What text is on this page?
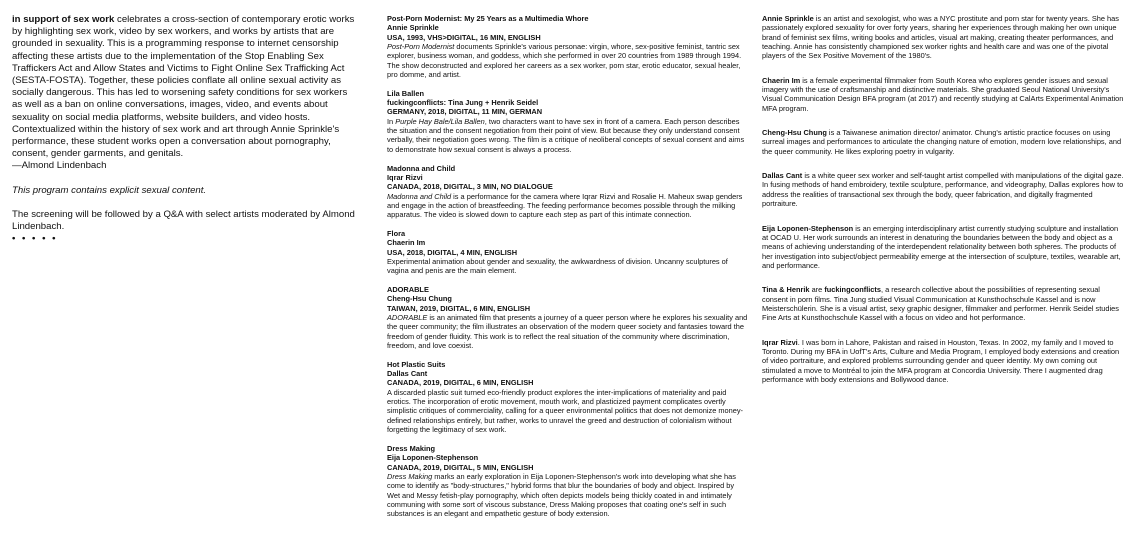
in support of sex work celebrates a cross-section of contemporary erotic works by highlighting sex work, video by sex workers, and works by artists that are grounded in sexuality. This is a programming response to internet censorship affecting these artists due to the implementation of the Stop Enabling Sex Traffickers Act and Allow States and Victims to Fight Online Sex Trafficking Act (SESTA-FOSTA). Together, these policies conflate all online sexual activity as socially dangerous. This has led to worsening safety conditions for sex workers as well as a ban on online conversations, images, video, and events about sexuality on social media platforms, website builders, and video hosts. Contextualized within the history of sex work and art through Annie Sprinkle's performance, these student works open a conversation about pornography, consent, gender garments, and genitals.

—Almond Lindenbach

This program contains explicit sexual content.

The screening will be followed by a Q&A with select artists moderated by Almond Lindenbach.

• • • • •

Post-Porn Modernist: My 25 Years as a Multimedia Whore
Annie Sprinkle
USA, 1993, VHS>DIGITAL, 16 MIN, ENGLISH
Post-Porn Modernist documents Sprinkle's various personae: virgin, whore, sex-positive feminist, tantric sex explorer, business woman, and goddess, which she performed in over 20 countries from 1989 through 1994. The show deconstructed and explored her careers as a sex worker, porn star, erotic educator, sexual healer, pro domme, and artist.
Lila Ballen
fuckingconflicts: Tina Jung + Henrik Seidel
GERMANY, 2018, DIGITAL, 11 MIN, GERMAN
In Purple Hay Bale/Lila Ballen, two characters want to have sex in front of a camera. Each person describes the situation and the consent negotiation from their point of view. But because they only understand consent verbally, their negotiation goes wrong. The film is a critique of neoliberal concepts of sexual consent and aims to demonstrate how sexual consent is always a process.
Madonna and Child
Iqrar Rizvi
CANADA, 2018, DIGITAL, 3 MIN, NO DIALOGUE
Madonna and Child is a performance for the camera where Iqrar Rizvi and Rosalie H. Maheux swap genders and engage in the action of breastfeeding. The feeding performance becomes possible through the milking apparatus. The video is slowed down to capture each step as part of this intimate connection.
Flora
Chaerin Im
USA, 2018, DIGITAL, 4 MIN, ENGLISH
Experimental animation about gender and sexuality, the awkwardness of division. Uncanny sculptures of vagina and penis are the main element.
ADORABLE
Cheng-Hsu Chung
TAIWAN, 2019, DIGITAL, 6 MIN, ENGLISH
ADORABLE is an animated film that presents a journey of a queer person where he explores his sexuality and the queer community; the film illustrates an observation of the modern queer society and fantasies toward the freedom of gender fluidity. This work is to reflect the real situation of the community where discrimination, freedom, and love coexist.
Hot Plastic Suits
Dallas Cant
CANADA, 2019, DIGITAL, 6 MIN, ENGLISH
A discarded plastic suit turned eco-friendly product explores the inter-implications of materiality and paid erotics. The incorporation of erotic movement, mouth work, and plasticized payment complicates overtly simplistic critiques of commerciality, calling for a queer environmental politics that does not demonize money-defined relationships entirely, but rather, works to unravel the greed and destruction of colonialism without forgetting the legitimacy of sex work.
Dress Making
Eija Loponen-Stephenson
CANADA, 2019, DIGITAL, 5 MIN, ENGLISH
Dress Making marks an early exploration in Eija Loponen-Stephenson's work into developing what she has come to identify as "body-structures," hybrid forms that blur the boundaries of body and object. Inspired by Wet and Messy fetish-play pornography, which often depicts models being thickly coated in and intimately communing with some sort of viscous substance, Dress Making proposes that coating one's self in such substances is an elegant and empathetic gesture of body extension.

Annie Sprinkle is an artist and sexologist, who was a NYC prostitute and porn star for twenty years. She has passionately explored sexuality for over forty years, sharing her experiences through making her own unique brand of feminist sex films, writing books and articles, visual art making, creating theater performances, and teaching. Annie has consistently championed sex worker rights and health care and was one of the pivotal players of the Sex Positive Movement of the 1980's.

Chaerin Im is a female experimental filmmaker from South Korea who explores gender issues and sexual imagery with the use of craftsmanship and distinctive materials. She graduated Seoul National University's Visual Communication Design BFA program (at 2017) and recently studying at CalArts Experimental Animation MFA program.

Cheng-Hsu Chung is a Taiwanese animation director/ animator. Chung's artistic practice focuses on using surreal images and performances to articulate the changing nature of emotion, modern love relationships, and the queer community. He likes exploring poetry in vulgarity.

Dallas Cant is a white queer sex worker and self-taught artist compelled with manipulations of the digital gaze. In fusing methods of hand embroidery, textile sculpture, performance, and videography, Dallas explores how to address the realities of transactional sex through the body, queer fabrication, and digitally fragmented portraiture.

Eija Loponen-Stephenson is an emerging interdisciplinary artist currently studying sculpture and installation at OCAD U. Her work surrounds an interest in denaturing the boundaries between the body and object as a means of achieving understanding of the interdependent relationality between both spheres. The products of her investigation into subject/object permeability emerge at the intersection of sculpture, textiles, wearable art, and performance.

Tina & Henrik are fuckingconflicts, a research collective about the possibilities of representing sexual consent in porn films. Tina Jung studied Visual Communication at Kunsthochschule Kassel and is now Meisterschülerin. She is a visual artist, sexy graphic designer, filmmaker and performer. Henrik Seidel studies Fine Arts at Kunsthochschule Kassel with a focus on video and hot performance.

Iqrar Rizvi. I was born in Lahore, Pakistan and raised in Houston, Texas. In 2002, my family and I moved to Toronto. During my BFA in UofT's Arts, Culture and Media Program, I employed body extensions and creation of video portraiture, and explored problems surrounding gender and queer identity. My own coming out stimulated a move to Montréal to join the MFA program at Concordia University. There I augmented drag performance with body extensions and Bollywood dance.
